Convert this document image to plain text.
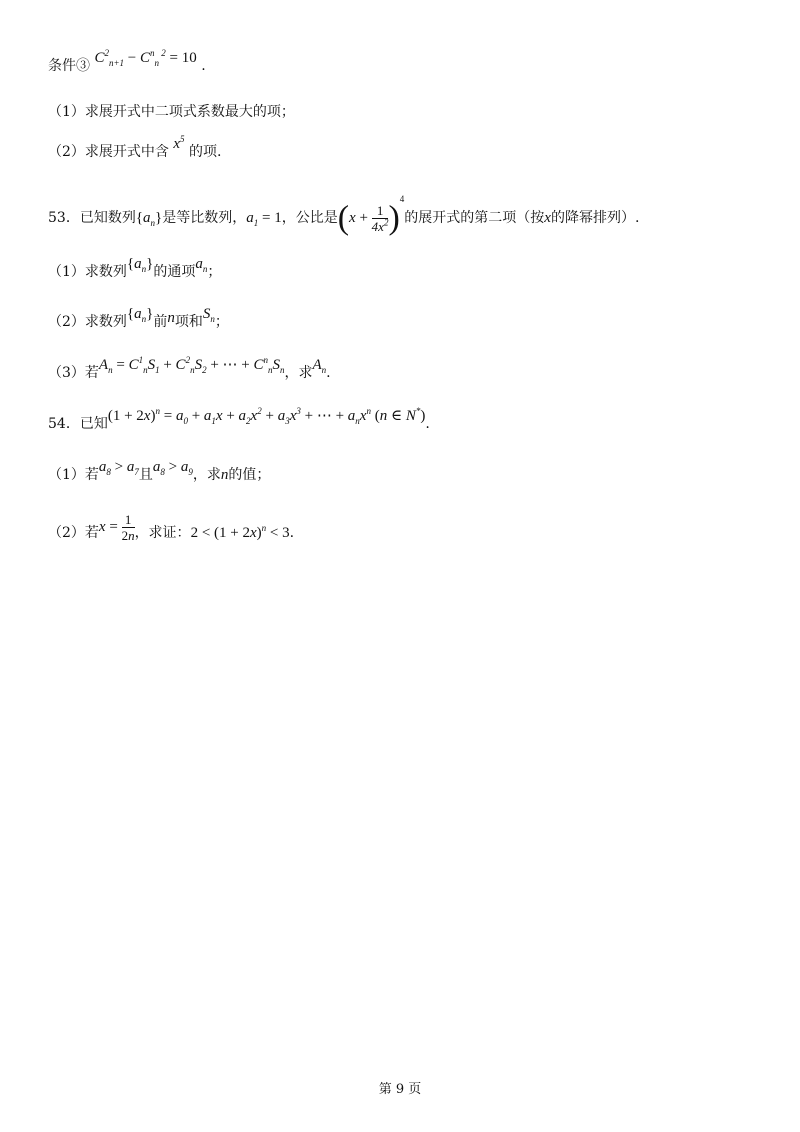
条件③ $C^2_{n+1} - C^n_n$ $^2$ = 10 .
（1）求展开式中二项式系数最大的项；
（2）求展开式中含 $x^5$ 的项.
53．已知数列$\{a_n\}$是等比数列，$a_1 = 1$，公比是$(x + \frac{1}{4x^2} )^4$的展开式的第二项（按x的降幂排列）.
（1）求数列$\{a_n\}$的通项$a_n$；
（2）求数列$\{a_n\}$前n项和$S_n$；
（3）若$A_n = C^1_nS_1 + C^2_nS_2$ + ⋯ + $C^n_nS_n$，求$A_n$.
54．已知$(1 + 2x)^n = a_0 + a_1x + a_2x^2 + a_3x^3$ + ⋯ + $a_nx^n$ (n ∈ N*).
（1）若$a_8 > a_7$且$a_8 > a_9$，求n的值；
（2）若$x = \frac{1}{2n}$ ，求证：$2 < (1 + 2x)^n < 3$.
第 9 页
